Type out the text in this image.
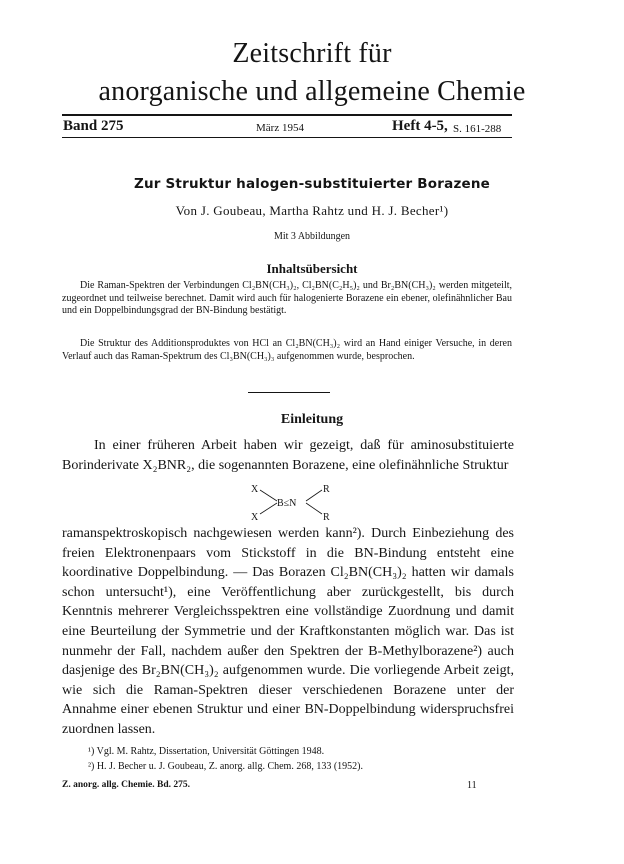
Zeitschrift für
anorganische und allgemeine Chemie
Band 275	März 1954	Heft 4-5, S. 161-288
Zur Struktur halogen-substituierter Borazene
Von J. Goubeau, Martha Rahtz und H. J. Becher¹)
Mit 3 Abbildungen
Inhaltsübersicht
Die Raman-Spektren der Verbindungen Cl₂BN(CH₃)₂, Cl₂BN(C₂H₅)₂ und Br₂BN(CH₃)₂ werden mitgeteilt, zugeordnet und teilweise berechnet. Damit wird auch für halogenierte Borazene ein ebener, olefinähnlicher Bau und ein Doppelbindungsgrad der BN-Bindung bestätigt.
Die Struktur des Additionsproduktes von HCl an Cl₂BN(CH₃)₂ wird an Hand einiger Versuche, in deren Verlauf auch das Raman-Spektrum des Cl₃BN(CH₃)₃ aufgenommen wurde, besprochen.
Einleitung
In einer früheren Arbeit haben wir gezeigt, daß für aminosubstituierte Borinderivate X₂BNR₂, die sogenannten Borazene, eine olefinähnliche Struktur
X
X
B≤N
R
R
ramanspektroskopisch nachgewiesen werden kann²). Durch Einbeziehung des freien Elektronenpaars vom Stickstoff in die BN-Bindung entsteht eine koordinative Doppelbindung. — Das Borazen Cl₂BN(CH₃)₂ hatten wir damals schon untersucht¹), eine Veröffentlichung aber zurückgestellt, bis durch Kenntnis mehrerer Vergleichsspektren eine vollständige Zuordnung und damit eine Beurteilung der Symmetrie und der Kraftkonstanten möglich war. Das ist nunmehr der Fall, nachdem außer den Spektren der B-Methylborazene²) auch dasjenige des Br₂BN(CH₃)₂ aufgenommen wurde. Die vorliegende Arbeit zeigt, wie sich die Raman-Spektren dieser verschiedenen Borazene unter der Annahme einer ebenen Struktur und einer BN-Doppelbindung widerspruchsfrei zuordnen lassen.
¹) Vgl. M. Rahtz, Dissertation, Universität Göttingen 1948.
²) H. J. Becher u. J. Goubeau, Z. anorg. allg. Chem. 268, 133 (1952).
Z. anorg. allg. Chemie. Bd. 275.	11
